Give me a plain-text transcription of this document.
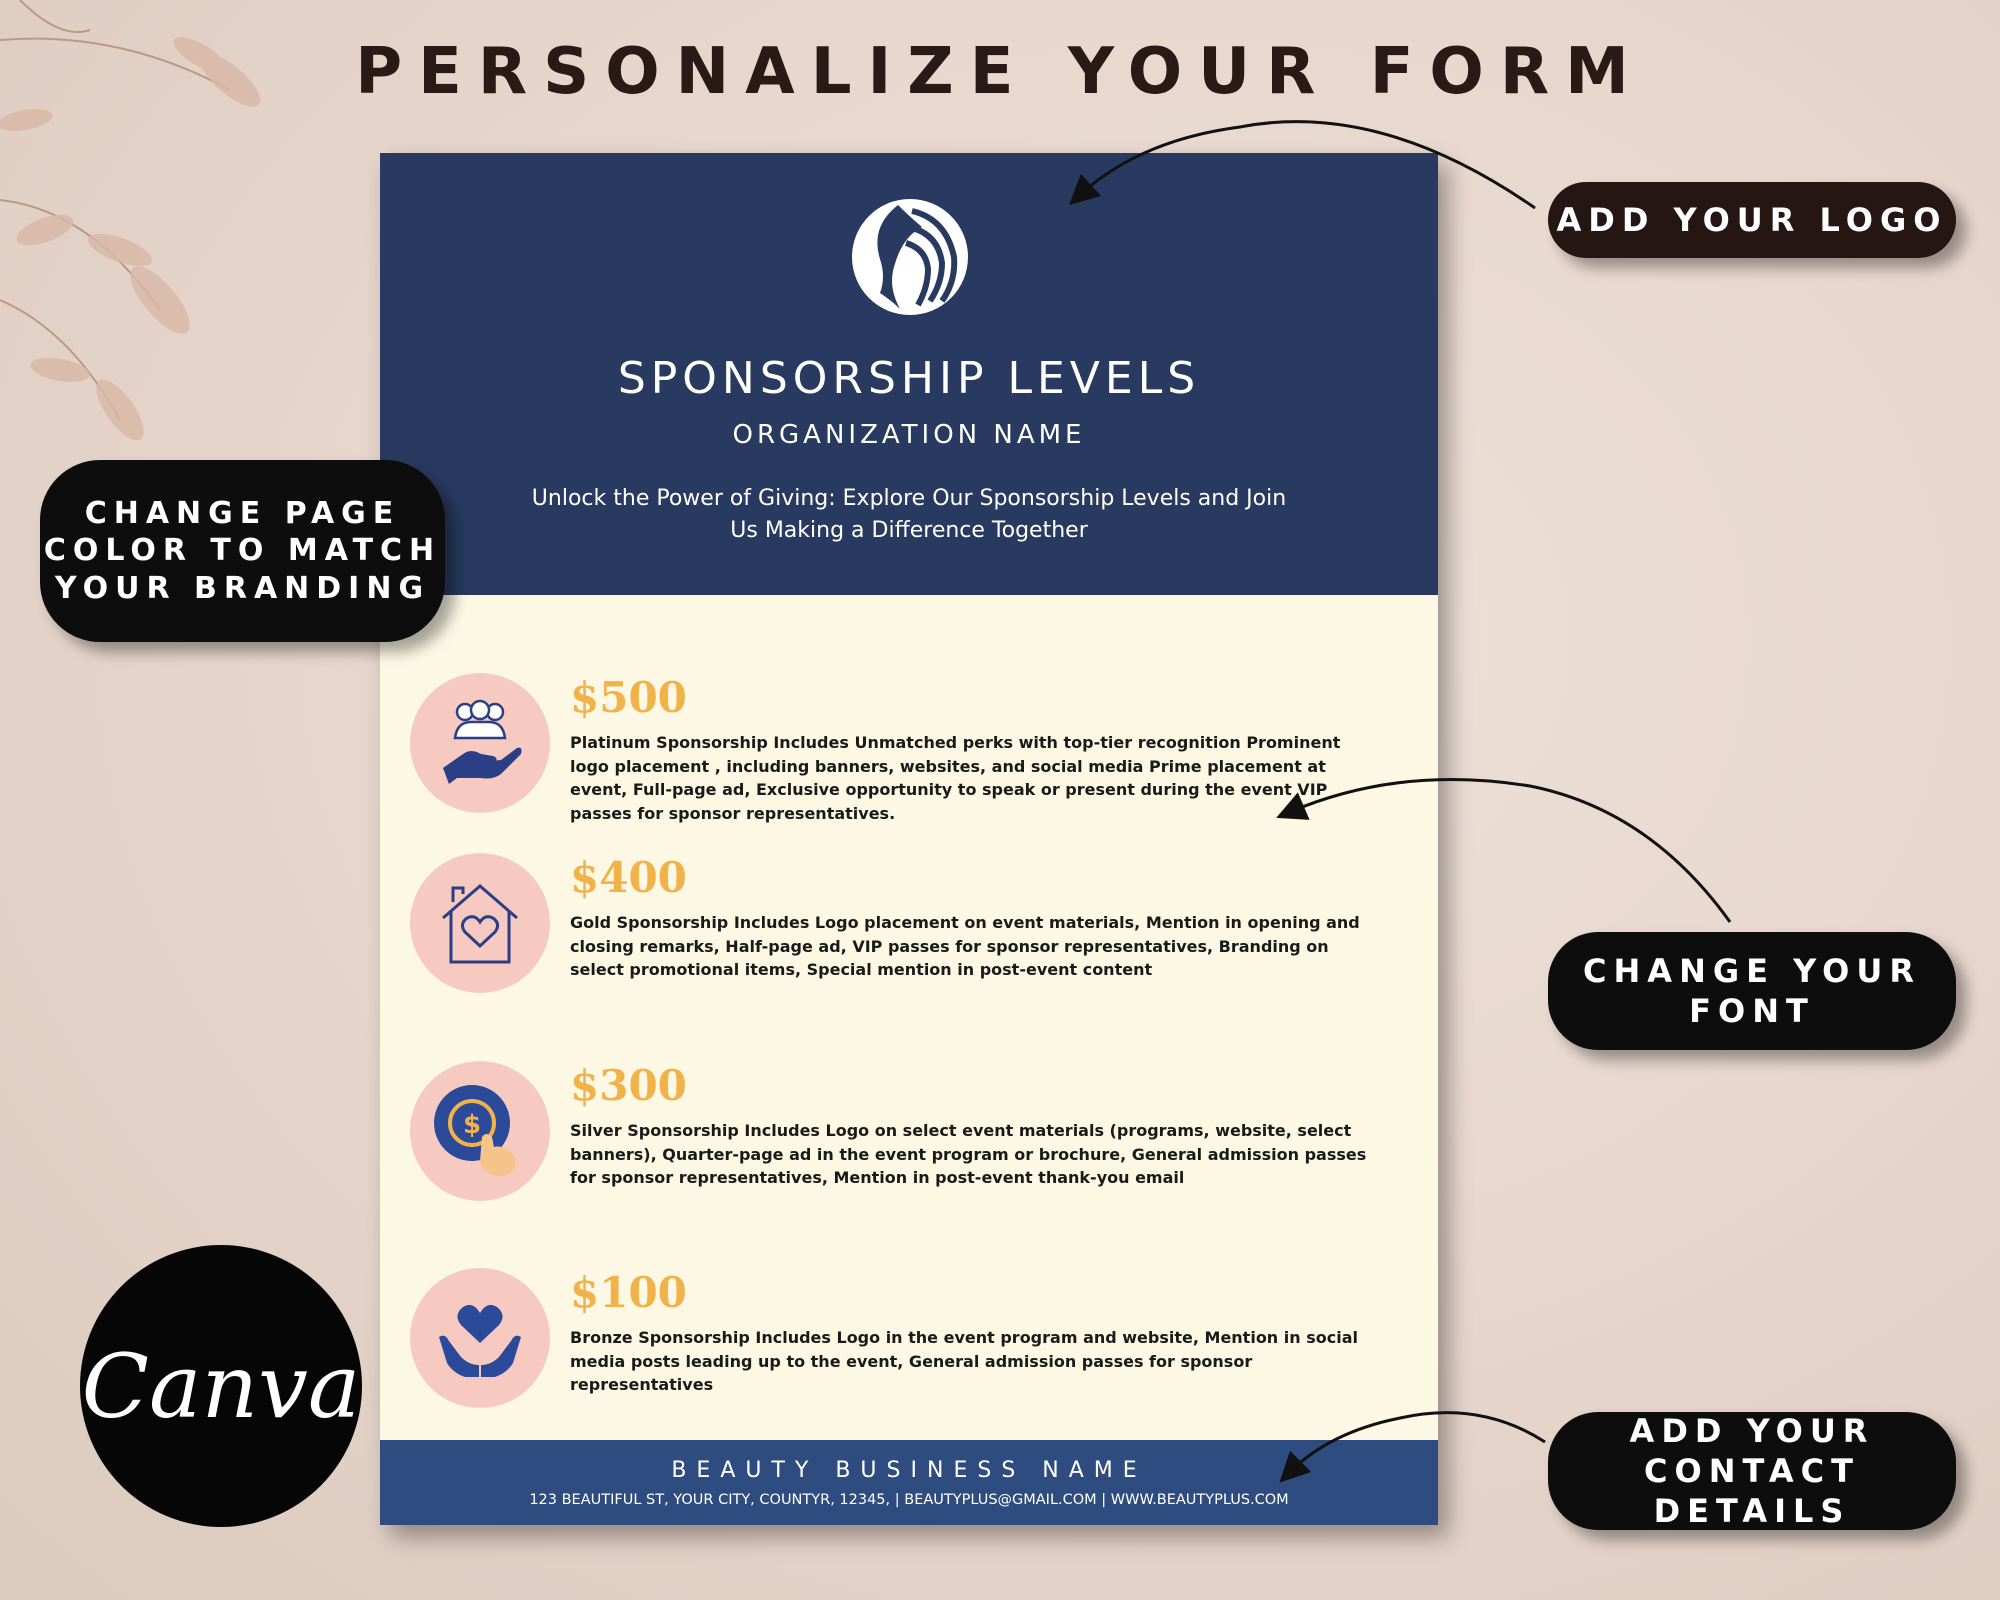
PERSONALIZE YOUR FORM
SPONSORSHIP LEVELS
ORGANIZATION NAME
Unlock the Power of Giving: Explore Our Sponsorship Levels and Join Us Making a Difference Together
$500
Platinum Sponsorship Includes Unmatched perks with top-tier recognition Prominent logo placement , including banners, websites, and social media Prime placement at event, Full-page ad, Exclusive opportunity to speak or present during the event VIP passes for sponsor representatives.
$400
Gold Sponsorship Includes Logo placement on event materials, Mention in opening and closing remarks, Half-page ad, VIP passes for sponsor representatives, Branding on select promotional items, Special mention in post-event content
$
$300
Silver Sponsorship Includes Logo on select event materials (programs, website, select banners), Quarter-page ad in the event program or brochure, General admission passes for sponsor representatives, Mention in post-event thank-you email
$100
Bronze Sponsorship Includes Logo in the event program and website, Mention in social media posts leading up to the event, General admission passes for sponsor representatives
BEAUTY BUSINESS NAME
123 BEAUTIFUL ST, YOUR CITY, COUNTYR, 12345, | BEAUTYPLUS@GMAIL.COM | WWW.BEAUTYPLUS.COM
ADD YOUR LOGO
CHANGE PAGE COLOR TO MATCH YOUR BRANDING
CHANGE YOUR FONT
ADD YOUR CONTACT DETAILS
Canva
